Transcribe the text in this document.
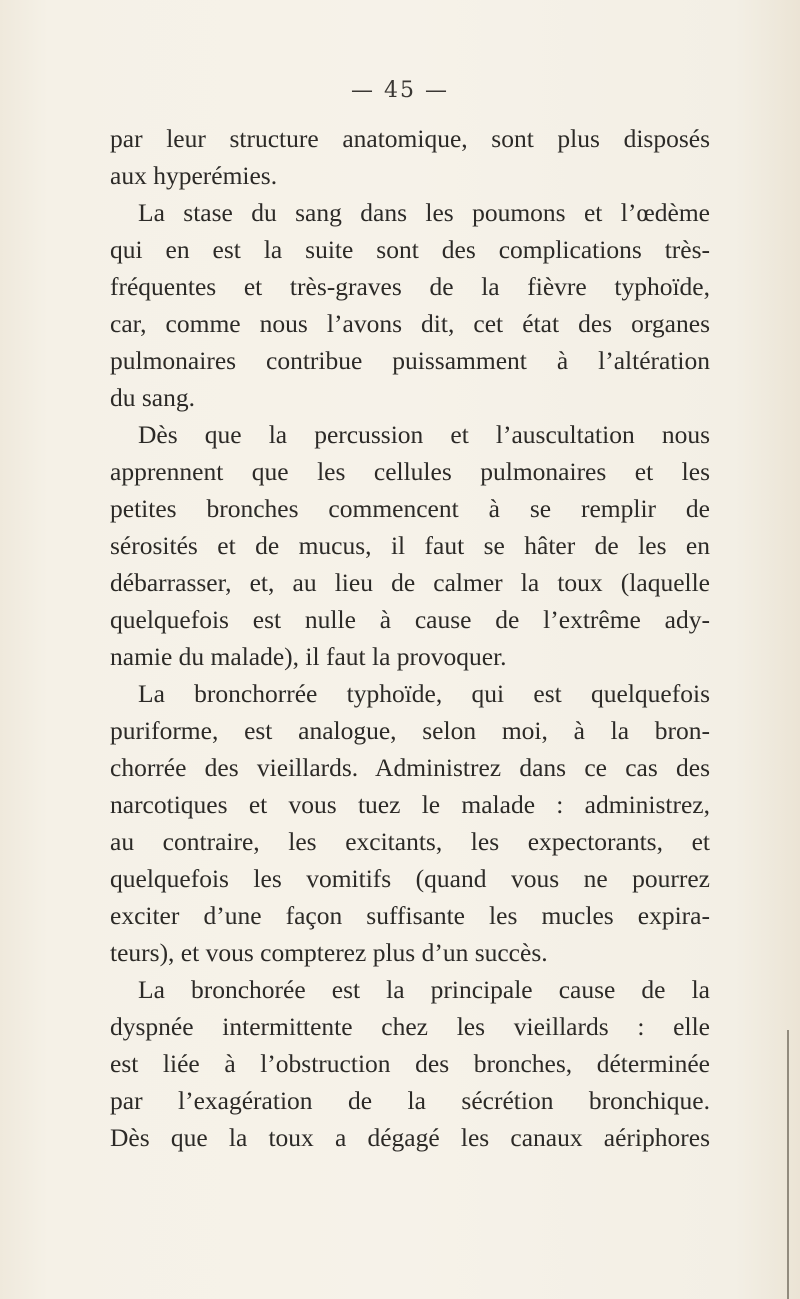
— 45 —
par leur structure anatomique, sont plus disposés
aux hyperémies.
La stase du sang dans les poumons et l’œdème
qui en est la suite sont des complications très-
fréquentes et très-graves de la fièvre typhoïde,
car, comme nous l’avons dit, cet état des organes
pulmonaires contribue puissamment à l’altération
du sang.
Dès que la percussion et l’auscultation nous
apprennent que les cellules pulmonaires et les
petites bronches commencent à se remplir de
sérosités et de mucus, il faut se hâter de les en
débarrasser, et, au lieu de calmer la toux (laquelle
quelquefois est nulle à cause de l’extrême ady-
namie du malade), il faut la provoquer.
La bronchorrée typhoïde, qui est quelquefois
puriforme, est analogue, selon moi, à la bron-
chorrée des vieillards. Administrez dans ce cas des
narcotiques et vous tuez le malade : administrez,
au contraire, les excitants, les expectorants, et
quelquefois les vomitifs (quand vous ne pourrez
exciter d’une façon suffisante les mucles expira-
teurs), et vous compterez plus d’un succès.
La bronchorée est la principale cause de la
dyspnée intermittente chez les vieillards : elle
est liée à l’obstruction des bronches, déterminée
par l’exagération de la sécrétion bronchique.
Dès que la toux a dégagé les canaux aériphores
